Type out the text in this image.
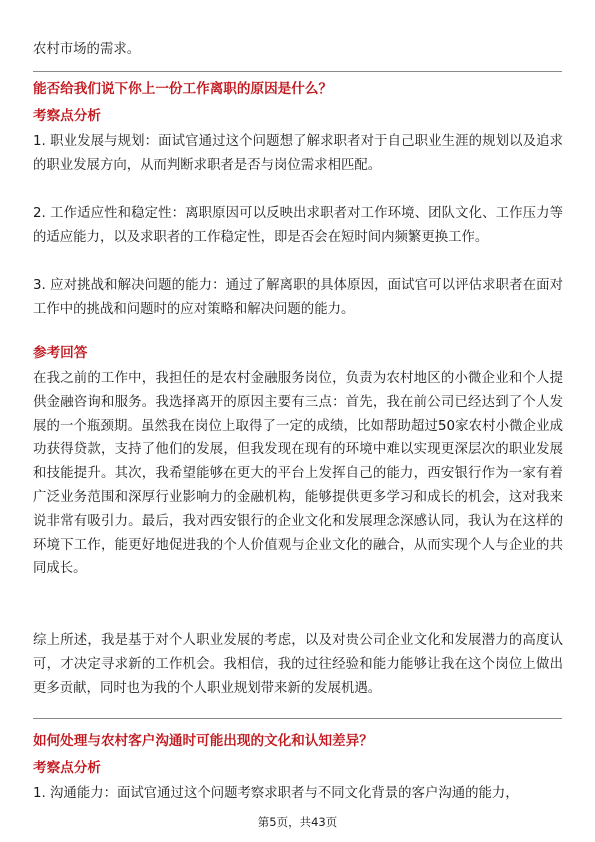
农村市场的需求。

能否给我们说下你上一份工作离职的原因是什么？

考察点分析

1. 职业发展与规划：面试官通过这个问题想了解求职者对于自己职业生涯的规划以及追求的职业发展方向，从而判断求职者是否与岗位需求相匹配。

2. 工作适应性和稳定性：离职原因可以反映出求职者对工作环境、团队文化、工作压力等的适应能力，以及求职者的工作稳定性，即是否会在短时间内频繁更换工作。

3. 应对挑战和解决问题的能力：通过了解离职的具体原因，面试官可以评估求职者在面对工作中的挑战和问题时的应对策略和解决问题的能力。

参考回答

在我之前的工作中，我担任的是农村金融服务岗位，负责为农村地区的小微企业和个人提供金融咨询和服务。我选择离开的原因主要有三点：首先，我在前公司已经达到了个人发展的一个瓶颈期。虽然我在岗位上取得了一定的成绩，比如帮助超过50家农村小微企业成功获得贷款，支持了他们的发展，但我发现在现有的环境中难以实现更深层次的职业发展和技能提升。其次，我希望能够在更大的平台上发挥自己的能力，西安银行作为一家有着广泛业务范围和深厚行业影响力的金融机构，能够提供更多学习和成长的机会，这对我来说非常有吸引力。最后，我对西安银行的企业文化和发展理念深感认同，我认为在这样的环境下工作，能更好地促进我的个人价值观与企业文化的融合，从而实现个人与企业的共同成长。

综上所述，我是基于对个人职业发展的考虑，以及对贵公司企业文化和发展潜力的高度认可，才决定寻求新的工作机会。我相信，我的过往经验和能力能够让我在这个岗位上做出更多贡献，同时也为我的个人职业规划带来新的发展机遇。

如何处理与农村客户沟通时可能出现的文化和认知差异？

考察点分析

1. 沟通能力：面试官通过这个问题考察求职者与不同文化背景的客户沟通的能力，

第5页，共43页
